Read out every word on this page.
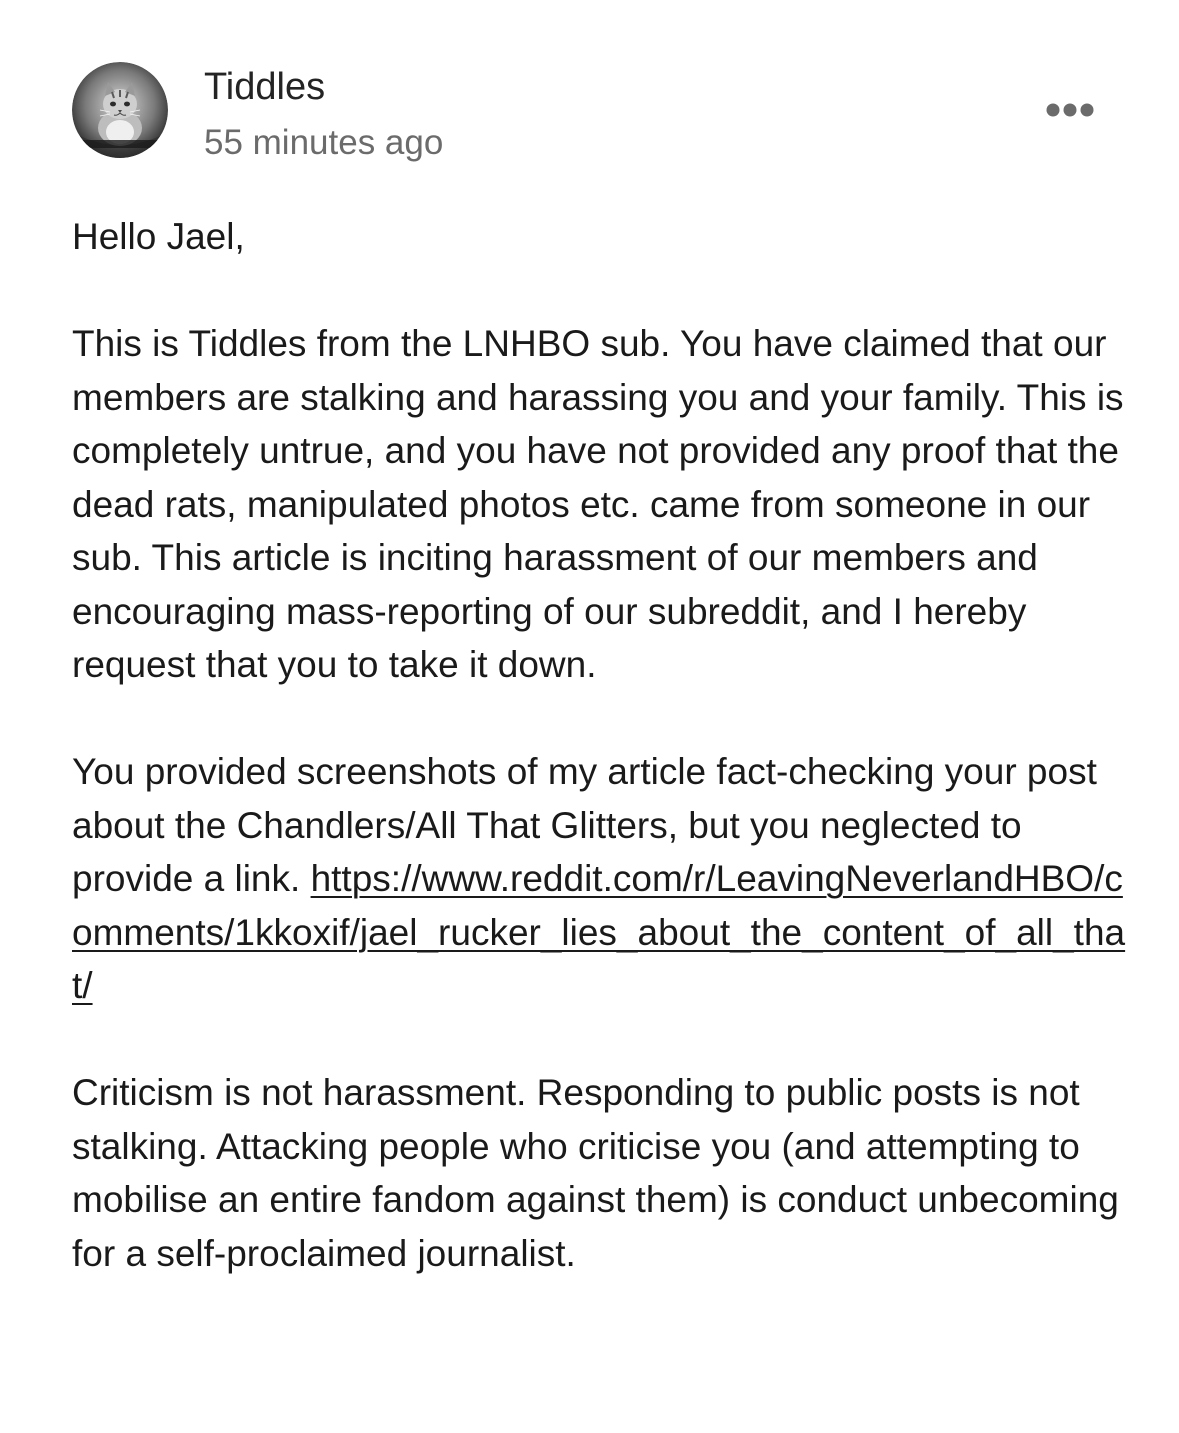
Tiddles
55 minutes ago

Hello Jael,

This is Tiddles from the LNHBO sub. You have claimed that our members are stalking and harassing you and your family. This is completely untrue, and you have not provided any proof that the dead rats, manipulated photos etc. came from someone in our sub. This article is inciting harassment of our members and encouraging mass-reporting of our subreddit, and I hereby request that you to take it down.

You provided screenshots of my article fact-checking your post about the Chandlers/All That Glitters, but you neglected to provide a link. https://www.reddit.com/r/LeavingNeverlandHBO/comments/1kkoxif/jael_rucker_lies_about_the_content_of_all_that/

Criticism is not harassment. Responding to public posts is not stalking. Attacking people who criticise you (and attempting to mobilise an entire fandom against them) is conduct unbecoming for a self-proclaimed journalist.
